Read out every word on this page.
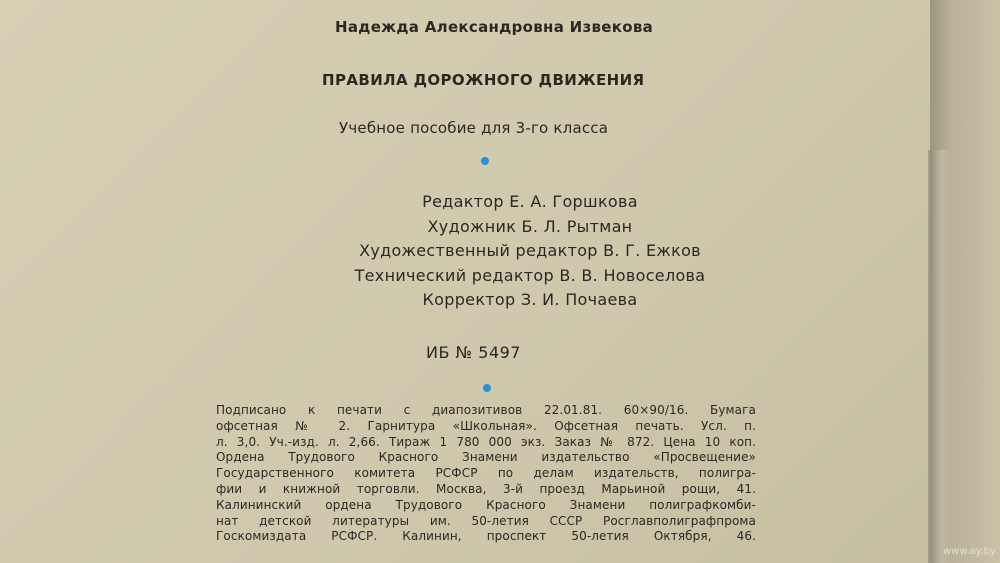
Надежда Александровна Извекова
ПРАВИЛА ДОРОЖНОГО ДВИЖЕНИЯ
Учебное пособие для 3-го класса
Редактор Е. А. Горшкова
Художник Б. Л. Рытман
Художественный редактор В. Г. Ежков
Технический редактор В. В. Новоселова
Корректор З. И. Почаева
ИБ № 5497
Подписано к печати с диапозитивов 22.01.81. 60×90/16. Бумага
офсетная № 2. Гарнитура «Школьная». Офсетная печать. Усл. п.
л. 3,0. Уч.-изд. л. 2,66. Тираж 1 780 000 экз. Заказ № 872. Цена 10 коп.
Ордена Трудового Красного Знамени издательство «Просвещение»
Государственного комитета РСФСР по делам издательств, полигра-
фии и книжной торговли. Москва, 3-й проезд Марьиной рощи, 41.
Калининский ордена Трудового Красного Знамени полиграфкомби-
нат детской литературы им. 50-летия СССР Росглавполиграфпрома
Госкомиздата РСФСР. Калинин, проспект 50-летия Октября, 46.
www.ay.by
